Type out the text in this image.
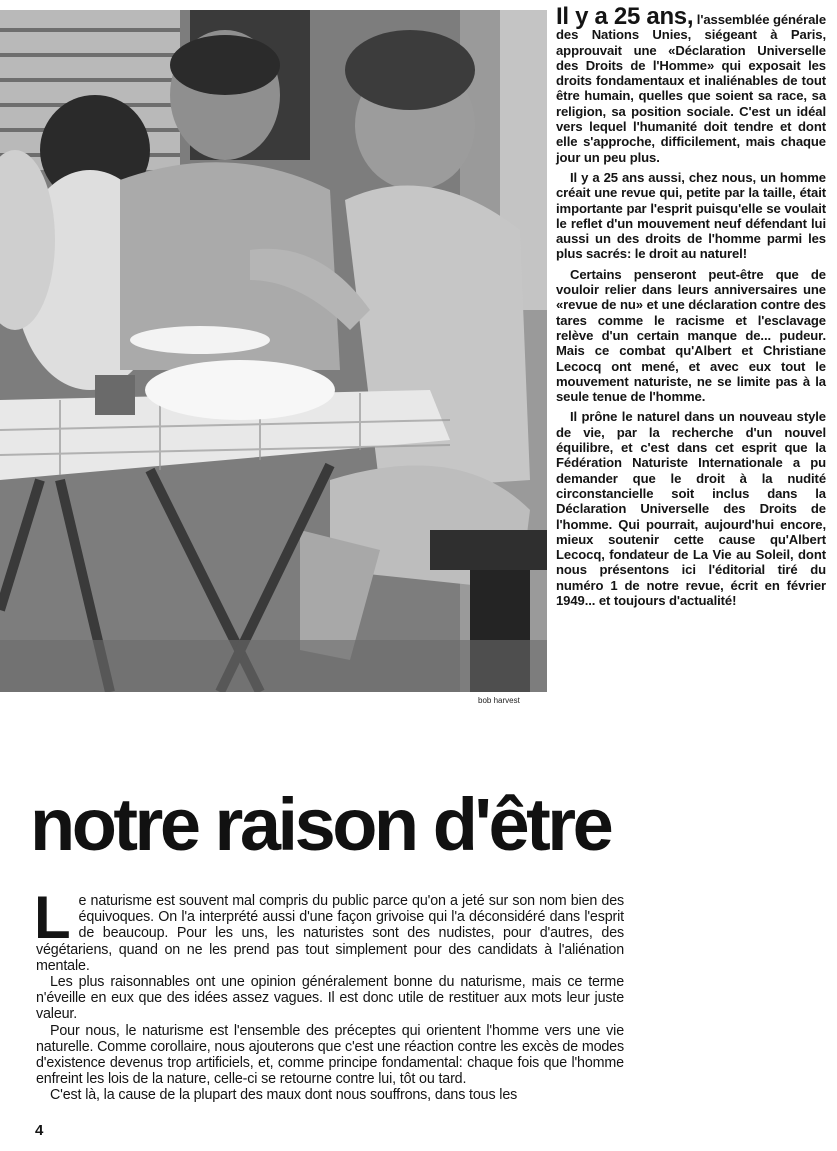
bob harvest

Il y a 25 ans, l'assemblée générale des Nations Unies, siégeant à Paris, approuvait une «Déclaration Universelle des Droits de l'Homme» qui exposait les droits fondamentaux et inaliénables de tout être humain, quelles que soient sa race, sa religion, sa position sociale. C'est un idéal vers lequel l'humanité doit tendre et dont elle s'approche, difficilement, mais chaque jour un peu plus.

Il y a 25 ans aussi, chez nous, un homme créait une revue qui, petite par la taille, était importante par l'esprit puisqu'elle se voulait le reflet d'un mouvement neuf défendant lui aussi un des droits de l'homme parmi les plus sacrés: le droit au naturel!

Certains penseront peut-être que de vouloir relier dans leurs anniversaires une «revue de nu» et une déclaration contre des tares comme le racisme et l'esclavage relève d'un certain manque de... pudeur. Mais ce combat qu'Albert et Christiane Lecocq ont mené, et avec eux tout le mouvement naturiste, ne se limite pas à la seule tenue de l'homme.

Il prône le naturel dans un nouveau style de vie, par la recherche d'un nouvel équilibre, et c'est dans cet esprit que la Fédération Naturiste Internationale a pu demander que le droit à la nudité circonstancielle soit inclus dans la Déclaration Universelle des Droits de l'homme. Qui pourrait, aujourd'hui encore, mieux soutenir cette cause qu'Albert Lecocq, fondateur de La Vie au Soleil, dont nous présentons ici l'éditorial tiré du numéro 1 de notre revue, écrit en février 1949... et toujours d'actualité!

notre raison d'être

Le naturisme est souvent mal compris du public parce qu'on a jeté sur son nom bien des équivoques. On l'a interprété aussi d'une façon grivoise qui l'a déconsidéré dans l'esprit de beaucoup. Pour les uns, les naturistes sont des nudistes, pour d'autres, des végétariens, quand on ne les prend pas tout simplement pour des candidats à l'aliénation mentale.

Les plus raisonnables ont une opinion généralement bonne du naturisme, mais ce terme n'éveille en eux que des idées assez vagues. Il est donc utile de restituer aux mots leur juste valeur.

Pour nous, le naturisme est l'ensemble des préceptes qui orientent l'homme vers une vie naturelle. Comme corollaire, nous ajouterons que c'est une réaction contre les excès de modes d'existence devenus trop artificiels, et, comme principe fondamental: chaque fois que l'homme enfreint les lois de la nature, celle-ci se retourne contre lui, tôt ou tard.

C'est là, la cause de la plupart des maux dont nous souffrons, dans tous les

4
